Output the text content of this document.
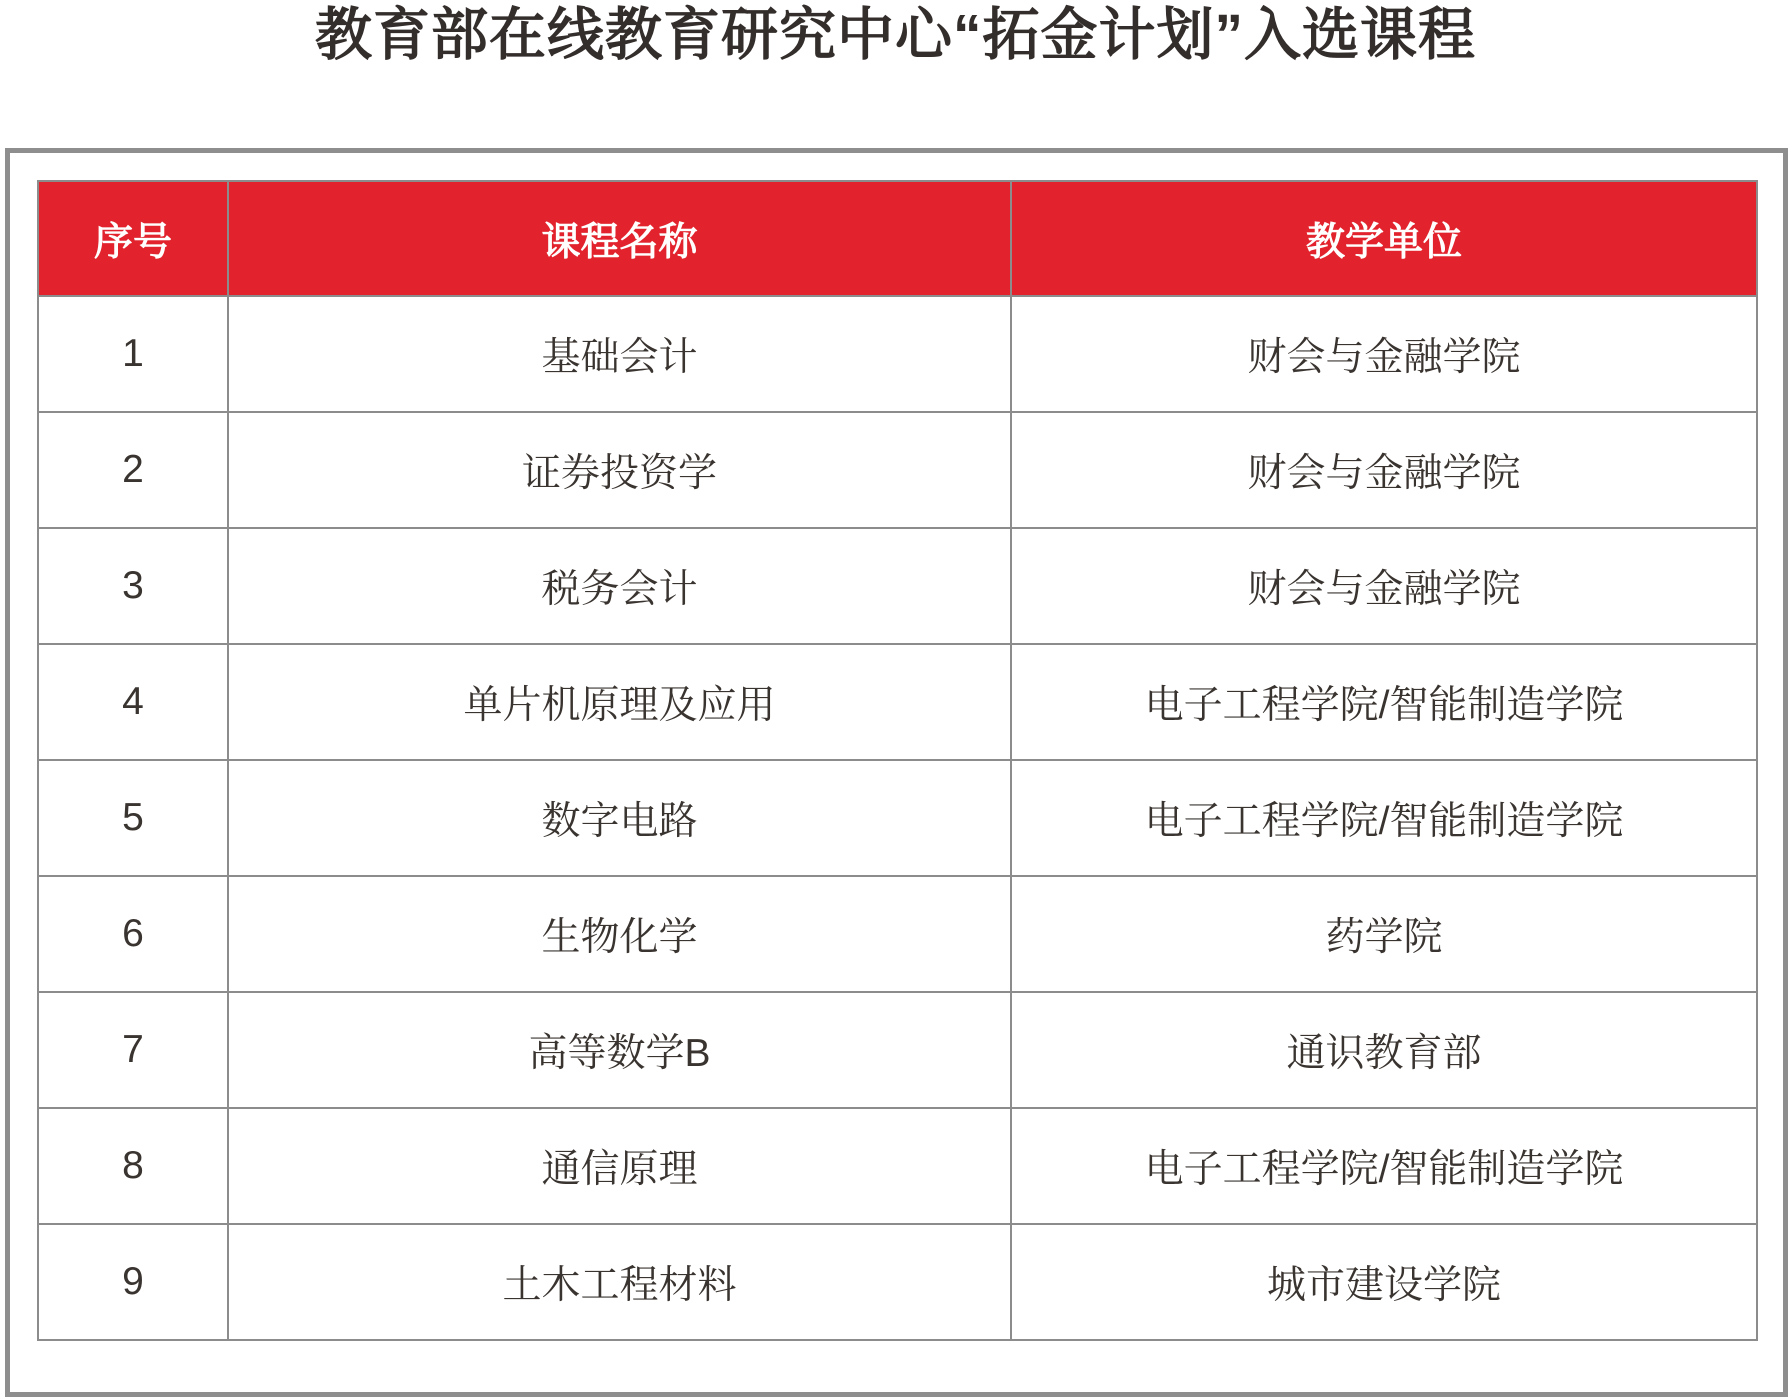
教育部在线教育研究中心“拓金计划”入选课程
序号	课程名称	教学单位
1	基础会计	财会与金融学院
2	证券投资学	财会与金融学院
3	税务会计	财会与金融学院
4	单片机原理及应用	电子工程学院/智能制造学院
5	数字电路	电子工程学院/智能制造学院
6	生物化学	药学院
7	高等数学B	通识教育部
8	通信原理	电子工程学院/智能制造学院
9	土木工程材料	城市建设学院
